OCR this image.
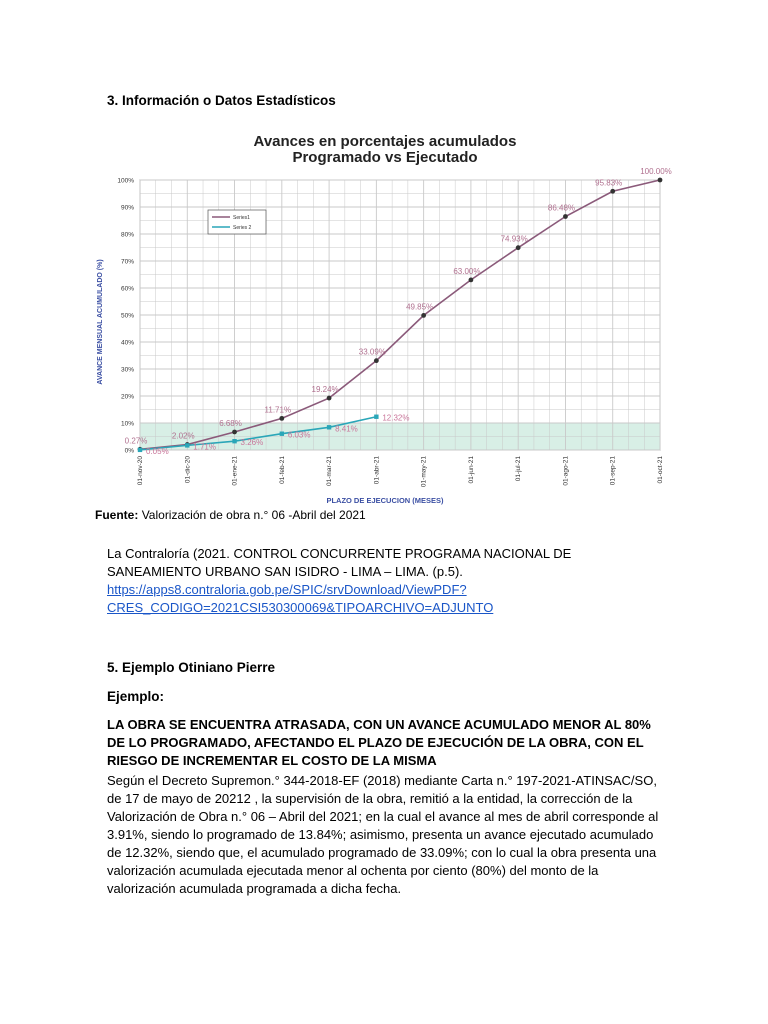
3. Información o Datos Estadísticos
Avances en porcentajes acumulados
Programado vs Ejecutado
0%
10%
20%
30%
40%
50%
60%
70%
80%
90%
100%
01-nov-20	01-dic-20	01-ene-21	01-feb-21	01-mar-21	01-abr-21	01-may-21	01-jun-21	01-jul-21	01-ago-21	01-sep-21	01-oct-21
0.27%
2.02%
6.68%
11.71%
19.24%
33.09%
49.85%
63.00%
74.93%
86.48%
95.83%
100.00%
0.05%	1.71%	3.26%
6.03%
8.41%
12.32%
Series1
Series 2
AVANCE MENSUAL ACUMULADO (%)
PLAZO DE EJECUCION (MESES)
Fuente: Valorización de obra n.° 06 -Abril del 2021
La Contraloría (2021. CONTROL CONCURRENTE PROGRAMA NACIONAL DE SANEAMIENTO URBANO SAN ISIDRO - LIMA – LIMA. (p.5).
https://apps8.contraloria.gob.pe/SPIC/srvDownload/ViewPDF?
CRES_CODIGO=2021CSI530300069&TIPOARCHIVO=ADJUNTO
5. Ejemplo Otiniano Pierre
Ejemplo:
LA OBRA SE ENCUENTRA ATRASADA, CON UN AVANCE ACUMULADO MENOR AL 80% DE LO PROGRAMADO, AFECTANDO EL PLAZO DE EJECUCIÓN DE LA OBRA, CON EL RIESGO DE INCREMENTAR EL COSTO DE LA MISMA
Según el Decreto Supremon.° 344-2018-EF (2018) mediante Carta n.° 197-2021-ATINSAC/SO, de 17 de mayo de 20212 , la supervisión de la obra, remitió a la entidad, la corrección de la Valorización de Obra n.° 06 – Abril del 2021; en la cual el avance al mes de abril corresponde al 3.91%, siendo lo programado de 13.84%; asimismo, presenta un avance ejecutado acumulado de 12.32%, siendo que, el acumulado programado de 33.09%; con lo cual la obra presenta una valorización acumulada ejecutada menor al ochenta por ciento (80%) del monto de la valorización acumulada programada a dicha fecha.
